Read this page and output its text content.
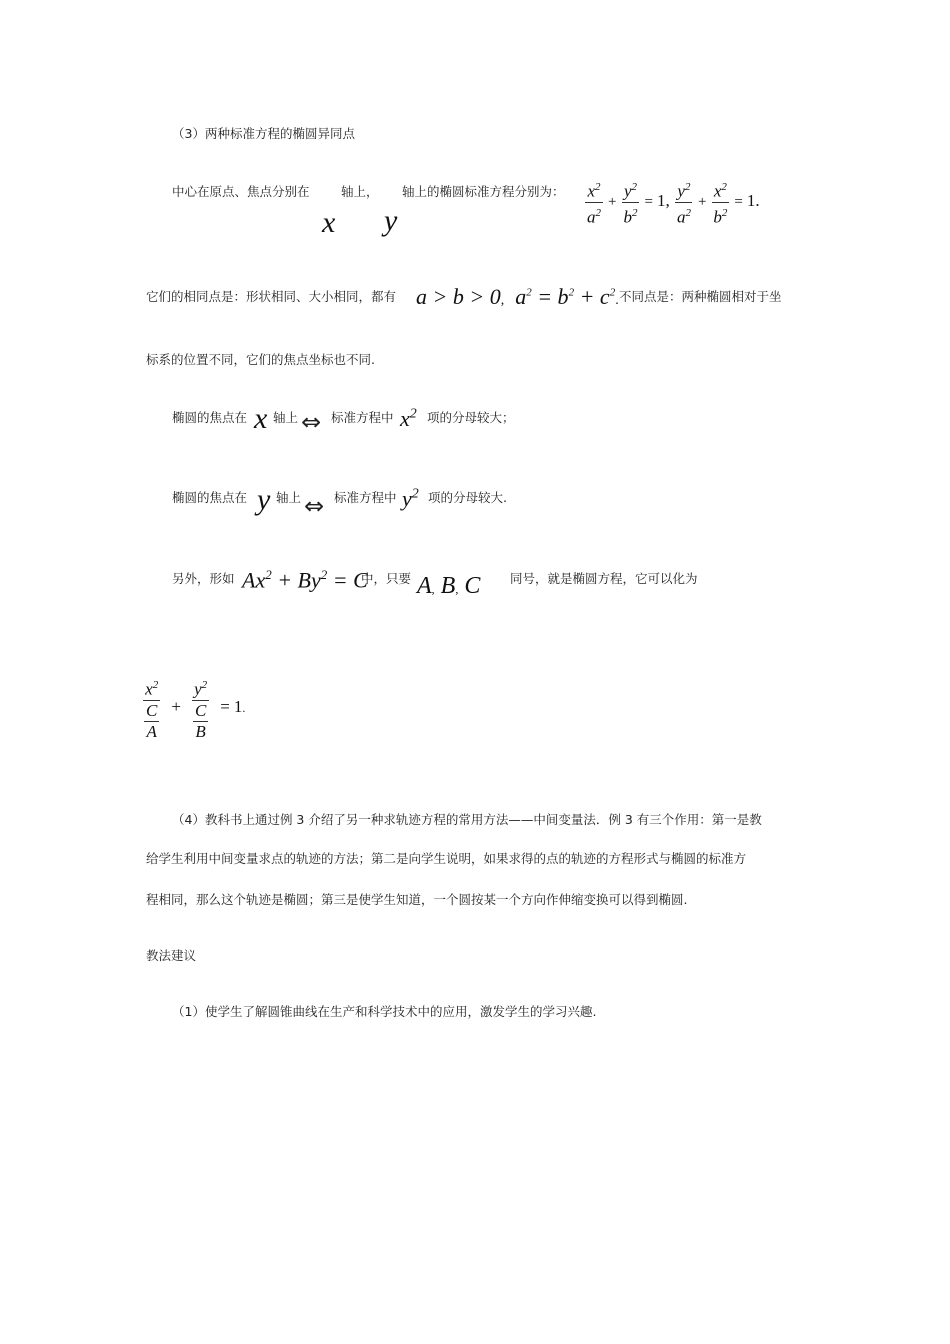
（3）两种标准方程的椭圆异同点
中心在原点、焦点分别在	轴上， 轴上的椭圆标准方程分别为：
x y	$\frac{x^2}{a^2} + \frac{y^2}{b^2} = 1$, $\frac{y^2}{a^2} + \frac{x^2}{b^2} = 1$.
它们的相同点是：形状相同、大小相同，都有 a > b > 0,  $a^2 = b^2 + c^2$. 不同点是：两种椭圆相对于坐
标系的位置不同，它们的焦点坐标也不同.
椭圆的焦点在 x 轴上 ⇔ 标准方程中 $x^2$ 项的分母较大；
椭圆的焦点在 y 轴上 ⇔ 标准方程中 $y^2$ 项的分母较大.
另外，形如 $Ax^2 + By^2 = C$
中，只要 A, B, C 同号，就是椭圆方程，它可以化为
$\frac{x^2}{\frac{C}{A}} + \frac{y^2}{\frac{C}{B}} = 1$.
（4）教科书上通过例 3 介绍了另一种求轨迹方程的常用方法——中间变量法．例 3 有三个作用：第一是教
给学生利用中间变量求点的轨迹的方法；第二是向学生说明，如果求得的点的轨迹的方程形式与椭圆的标准方
程相同，那么这个轨迹是椭圆；第三是使学生知道，一个圆按某一个方向作伸缩变换可以得到椭圆.
教法建议
（1）使学生了解圆锥曲线在生产和科学技术中的应用，激发学生的学习兴趣.
